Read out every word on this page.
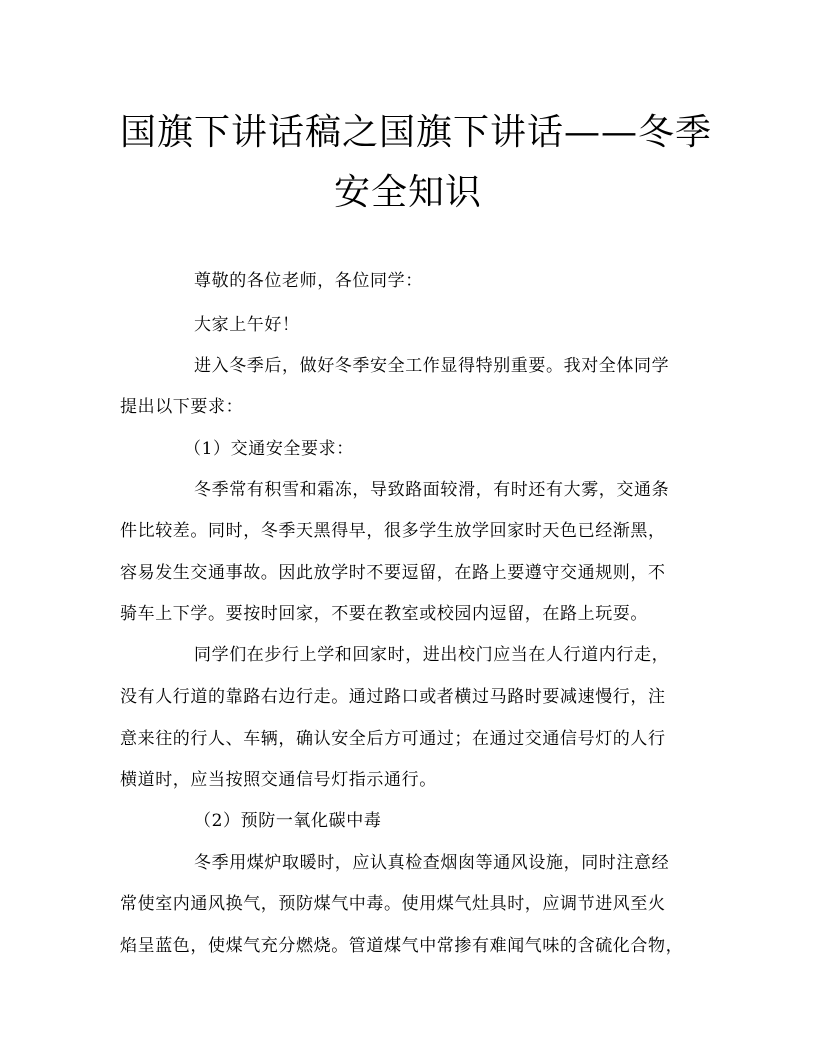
国旗下讲话稿之国旗下讲话——冬季
安全知识
尊敬的各位老师，各位同学：
大家上午好！
进入冬季后，做好冬季安全工作显得特别重要。我对全体同学
提出以下要求：
（1）交通安全要求：
冬季常有积雪和霜冻，导致路面较滑，有时还有大雾，交通条
件比较差。同时，冬季天黑得早，很多学生放学回家时天色已经渐黑，
容易发生交通事故。因此放学时不要逗留，在路上要遵守交通规则，不
骑车上下学。要按时回家，不要在教室或校园内逗留，在路上玩耍。
同学们在步行上学和回家时，进出校门应当在人行道内行走，
没有人行道的靠路右边行走。通过路口或者横过马路时要减速慢行，注
意来往的行人、车辆，确认安全后方可通过；在通过交通信号灯的人行
横道时，应当按照交通信号灯指示通行。
（2）预防一氧化碳中毒
冬季用煤炉取暖时，应认真检查烟囱等通风设施，同时注意经
常使室内通风换气，预防煤气中毒。使用煤气灶具时，应调节进风至火
焰呈蓝色，使煤气充分燃烧。管道煤气中常掺有难闻气味的含硫化合物，
